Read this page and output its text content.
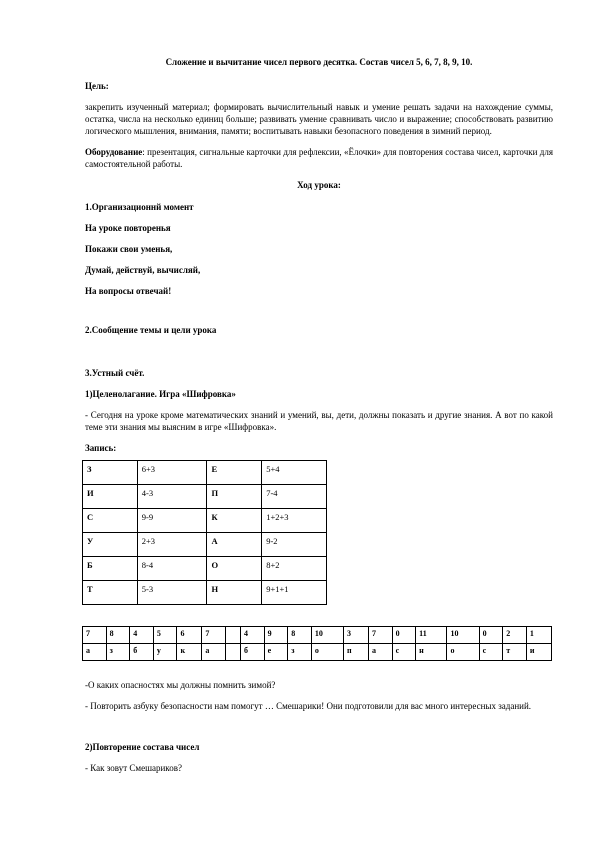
Сложение и вычитание чисел первого десятка. Состав чисел 5, 6, 7, 8, 9, 10.

Цель:

закрепить изученный материал; формировать вычислительный навык и умение решать задачи на нахождение суммы, остатка, числа на несколько единиц больше; развивать умение сравнивать число и выражение; способствовать развитию логического мышления, внимания, памяти; воспитывать навыки безопасного поведения в зимний период.

Оборудование: презентация, сигнальные карточки для рефлексии, «Ёлочки» для повторения состава чисел, карточки для самостоятельной работы.

Ход урока:

1.Организационнй момент

На уроке повторенья

Покажи свои уменья,

Думай, действуй, вычисляй,

На вопросы отвечай!

2.Сообщение темы и цели урока

3.Устный счёт.

1)Целенолагание. Игра «Шифровка»

- Сегодня на уроке кроме математических знаний и умений, вы, дети, должны показать и другие знания. А вот по какой теме эти знания мы выясним в игре «Шифровка».

Запись:

З	6+3	Е	5+4
И	4-3	П	7-4
С	9-9	К	1+2+3
У	2+3	А	9-2
Б	8-4	О	8+2
Т	5-3	Н	9+1+1
7	8	4	5	6	7		4	9	8	10	3	7	0	11	10	0	2	1
а	з	б	у	к	а		б	е	з	о	п	а	с	н	о	с	т	и

-О каких опасностях мы должны помнить зимой?

- Повторить азбуку безопасности нам помогут … Смешарики! Они подготовили для вас много интересных заданий.

2)Повторение состава чисел

- Как зовут Смешариков?
